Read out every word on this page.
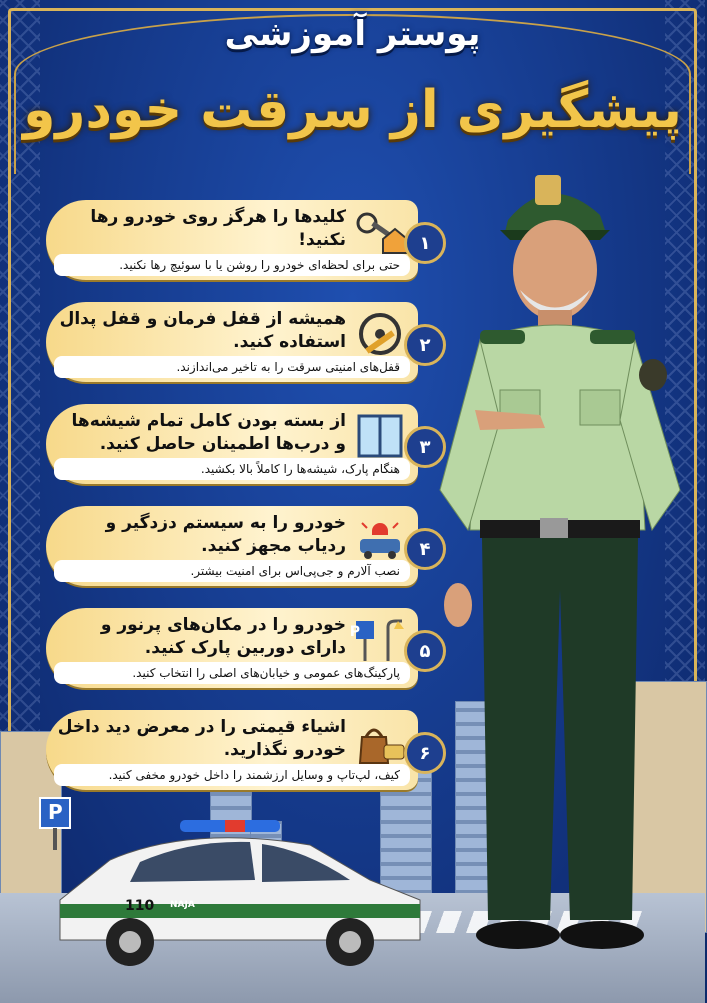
پوستر آموزشی
پیشگیری از سرقت خودرو
کلیدها را هرگز روی خودرو رها نکنید!
حتی برای لحظه‌ای خودرو را روشن یا با سوئیچ رها نکنید.
۱
همیشه از قفل فرمان و قفل پدال استفاده کنید.
قفل‌های امنیتی سرقت را به تاخیر می‌اندازند.
۲
از بسته بودن کامل تمام شیشه‌ها و درب‌ها اطمینان حاصل کنید.
هنگام پارک، شیشه‌ها را کاملاً بالا بکشید.
۳
خودرو را به سیستم دزدگیر و ردیاب مجهز کنید.
نصب آلارم و جی‌پی‌اس برای امنیت بیشتر.
۴
خودرو را در مکان‌های پرنور و دارای دوربین پارک کنید.
P
پارکینگ‌های عمومی و خیابان‌های اصلی را انتخاب کنید.
۵
اشیاء قیمتی را در معرض دید داخل خودرو نگذارید.
کیف، لپ‌تاپ و وسایل ارزشمند را داخل خودرو مخفی کنید.
۶
P
110 NAJA
